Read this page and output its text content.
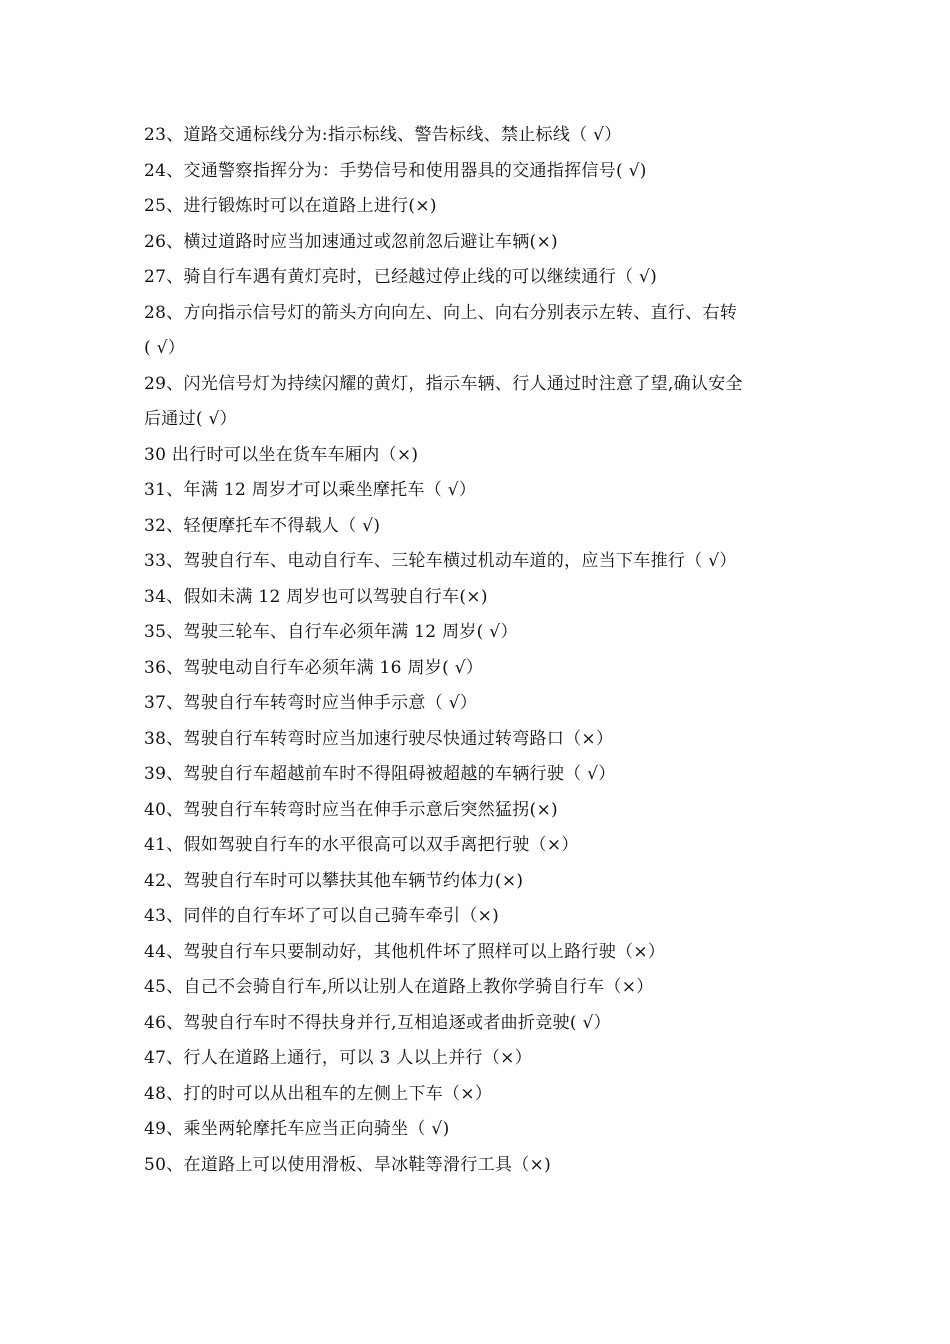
23、道路交通标线分为:指示标线、警告标线、禁止标线（ √）
24、交通警察指挥分为：手势信号和使用器具的交通指挥信号( √)
25、进行锻炼时可以在道路上进行(×)
26、横过道路时应当加速通过或忽前忽后避让车辆(×)
27、骑自行车遇有黄灯亮时，已经越过停止线的可以继续通行（ √)
28、方向指示信号灯的箭头方向向左、向上、向右分别表示左转、直行、右转
( √）
29、闪光信号灯为持续闪耀的黄灯，指示车辆、行人通过时注意了望,确认安全
后通过( √）
30 出行时可以坐在货车车厢内（×)
31、年满 12 周岁才可以乘坐摩托车（ √）
32、轻便摩托车不得载人（ √)
33、驾驶自行车、电动自行车、三轮车横过机动车道的，应当下车推行（ √）
34、假如未满 12 周岁也可以驾驶自行车(×)
35、驾驶三轮车、自行车必须年满 12 周岁( √）
36、驾驶电动自行车必须年满 16 周岁( √）
37、驾驶自行车转弯时应当伸手示意（ √）
38、驾驶自行车转弯时应当加速行驶尽快通过转弯路口（×）
39、驾驶自行车超越前车时不得阻碍被超越的车辆行驶（ √）
40、驾驶自行车转弯时应当在伸手示意后突然猛拐(×)
41、假如驾驶自行车的水平很高可以双手离把行驶（×）
42、驾驶自行车时可以攀扶其他车辆节约体力(×)
43、同伴的自行车坏了可以自己骑车牵引（×)
44、驾驶自行车只要制动好，其他机件坏了照样可以上路行驶（×）
45、自己不会骑自行车,所以让别人在道路上教你学骑自行车（×）
46、驾驶自行车时不得扶身并行,互相追逐或者曲折竞驶( √）
47、行人在道路上通行，可以 3 人以上并行（×）
48、打的时可以从出租车的左侧上下车（×）
49、乘坐两轮摩托车应当正向骑坐（ √)
50、在道路上可以使用滑板、旱冰鞋等滑行工具（×)
